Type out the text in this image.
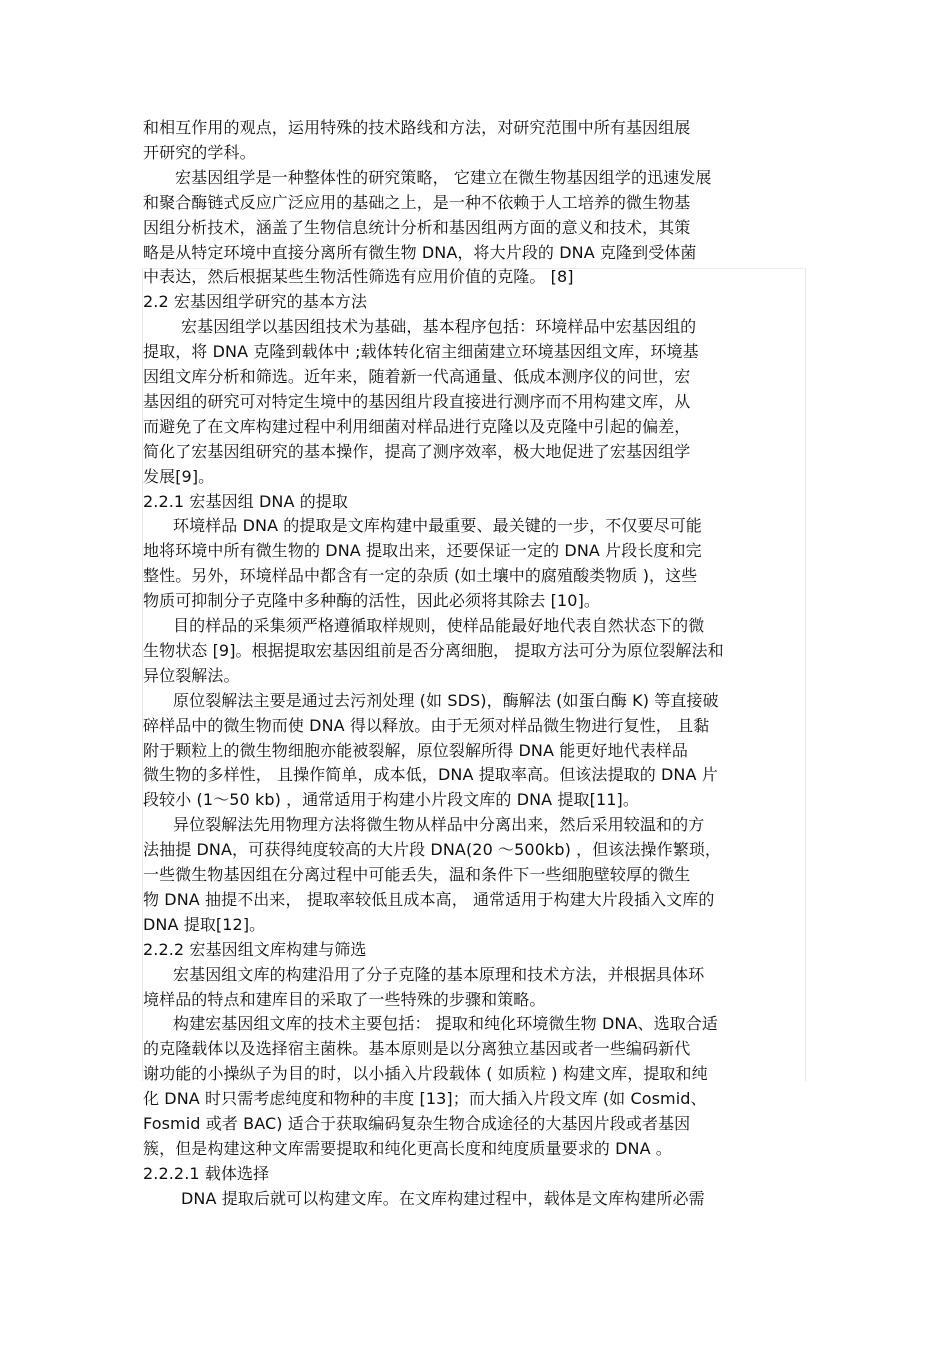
和相互作用的观点，运用特殊的技术路线和方法，对研究范围中所有基因组展
开研究的学科。
宏基因组学是一种整体性的研究策略， 它建立在微生物基因组学的迅速发展
和聚合酶链式反应广泛应用的基础之上，是一种不依赖于人工培养的微生物基
因组分析技术，涵盖了生物信息统计分析和基因组两方面的意义和技术，其策
略是从特定环境中直接分离所有微生物 DNA，将大片段的 DNA 克隆到受体菌
中表达，然后根据某些生物活性筛选有应用价值的克隆。 [8]
2.2 宏基因组学研究的基本方法
宏基因组学以基因组技术为基础，基本程序包括：环境样品中宏基因组的
提取，将 DNA 克隆到载体中 ;载体转化宿主细菌建立环境基因组文库，环境基
因组文库分析和筛选。近年来，随着新一代高通量、低成本测序仪的问世，宏
基因组的研究可对特定生境中的基因组片段直接进行测序而不用构建文库，从
而避免了在文库构建过程中利用细菌对样品进行克隆以及克隆中引起的偏差，
简化了宏基因组研究的基本操作，提高了测序效率，极大地促进了宏基因组学
发展[9]。
2.2.1 宏基因组 DNA 的提取
环境样品 DNA 的提取是文库构建中最重要、最关键的一步，不仅要尽可能
地将环境中所有微生物的 DNA 提取出来，还要保证一定的 DNA 片段长度和完
整性。另外，环境样品中都含有一定的杂质 (如土壤中的腐殖酸类物质 )，这些
物质可抑制分子克隆中多种酶的活性，因此必须将其除去 [10]。
目的样品的采集须严格遵循取样规则，使样品能最好地代表自然状态下的微
生物状态 [9]。根据提取宏基因组前是否分离细胞， 提取方法可分为原位裂解法和
异位裂解法。
原位裂解法主要是通过去污剂处理 (如 SDS)，酶解法 (如蛋白酶 K) 等直接破
碎样品中的微生物而使 DNA 得以释放。由于无须对样品微生物进行复性， 且黏
附于颗粒上的微生物细胞亦能被裂解，原位裂解所得 DNA 能更好地代表样品
微生物的多样性， 且操作简单，成本低，DNA 提取率高。但该法提取的 DNA 片
段较小 (1～50 kb) ，通常适用于构建小片段文库的 DNA 提取[11]。
异位裂解法先用物理方法将微生物从样品中分离出来，然后采用较温和的方
法抽提 DNA，可获得纯度较高的大片段 DNA(20 ～500kb) ，但该法操作繁琐，
一些微生物基因组在分离过程中可能丢失，温和条件下一些细胞壁较厚的微生
物 DNA 抽提不出来， 提取率较低且成本高， 通常适用于构建大片段插入文库的
DNA 提取[12]。
2.2.2 宏基因组文库构建与筛选
宏基因组文库的构建沿用了分子克隆的基本原理和技术方法，并根据具体环
境样品的特点和建库目的采取了一些特殊的步骤和策略。
构建宏基因组文库的技术主要包括： 提取和纯化环境微生物 DNA、选取合适
的克隆载体以及选择宿主菌株。基本原则是以分离独立基因或者一些编码新代
谢功能的小操纵子为目的时，以小插入片段载体 ( 如质粒 ) 构建文库，提取和纯
化 DNA 时只需考虑纯度和物种的丰度 [13]；而大插入片段文库 (如 Cosmid、
Fosmid 或者 BAC) 适合于获取编码复杂生物合成途径的大基因片段或者基因
簇，但是构建这种文库需要提取和纯化更高长度和纯度质量要求的 DNA 。
2.2.2.1 载体选择
DNA 提取后就可以构建文库。在文库构建过程中，载体是文库构建所必需
